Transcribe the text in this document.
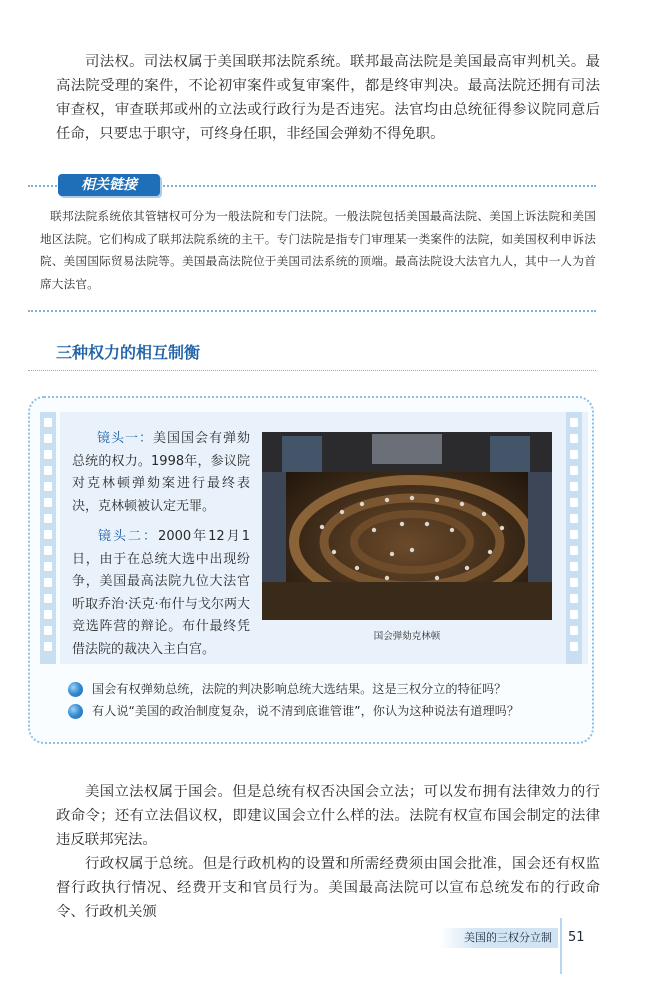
司法权。司法权属于美国联邦法院系统。联邦最高法院是美国最高审判机关。最高法院受理的案件，不论初审案件或复审案件，都是终审判决。最高法院还拥有司法审查权，审查联邦或州的立法或行政行为是否违宪。法官均由总统征得参议院同意后任命，只要忠于职守，可终身任职，非经国会弹劾不得免职。

相关链接

联邦法院系统依其管辖权可分为一般法院和专门法院。一般法院包括美国最高法院、美国上诉法院和美国地区法院。它们构成了联邦法院系统的主干。专门法院是指专门审理某一类案件的法院，如美国权利申诉法院、美国国际贸易法院等。美国最高法院位于美国司法系统的顶端。最高法院设大法官九人，其中一人为首席大法官。

三种权力的相互制衡

镜头一：美国国会有弹劾总统的权力。1998年，参议院对克林顿弹劾案进行最终表决，克林顿被认定无罪。

镜头二：2000年12月1日，由于在总统大选中出现纷争，美国最高法院九位大法官听取乔治·沃克·布什与戈尔两大竞选阵营的辩论。布什最终凭借法院的裁决入主白宫。

国会弹劾克林顿

国会有权弹劾总统，法院的判决影响总统大选结果。这是三权分立的特征吗？

有人说“美国的政治制度复杂，说不清到底谁管谁”，你认为这种说法有道理吗？

美国立法权属于国会。但是总统有权否决国会立法；可以发布拥有法律效力的行政命令；还有立法倡议权，即建议国会立什么样的法。法院有权宣布国会制定的法律违反联邦宪法。

行政权属于总统。但是行政机构的设置和所需经费须由国会批准，国会还有权监督行政执行情况、经费开支和官员行为。美国最高法院可以宣布总统发布的行政命令、行政机关颁

美国的三权分立制	51
